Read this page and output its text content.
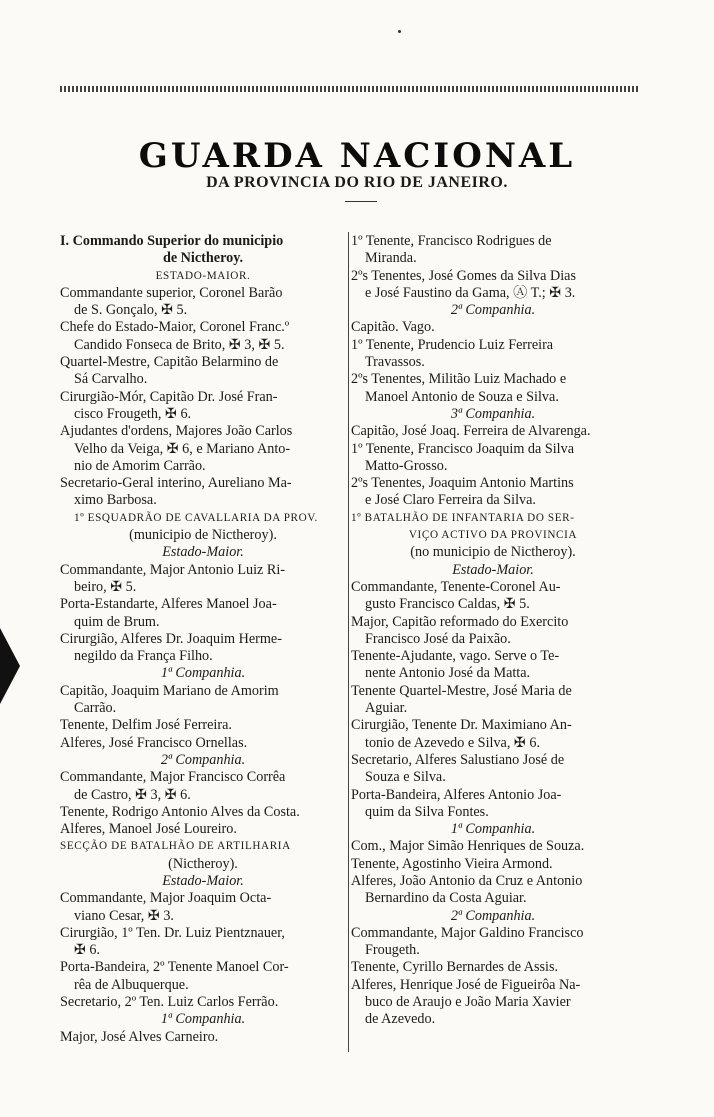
GUARDA NACIONAL
DA PROVINCIA DO RIO DE JANEIRO.
I. Commando Superior do municipio
de Nictheroy.
ESTADO-MAIOR.
Commandante superior, Coronel Barão
de S. Gonçalo, ✠ 5.
Chefe do Estado-Maior, Coronel Franc.º
Candido Fonseca de Brito, ✠ 3, ✠ 5.
Quartel-Mestre, Capitão Belarmino de
Sá Carvalho.
Cirurgião-Mór, Capitão Dr. José Fran-
cisco Frougeth, ✠ 6.
Ajudantes d'ordens, Majores João Carlos
Velho da Veiga, ✠ 6, e Mariano Anto-
nio de Amorim Carrão.
Secretario-Geral interino, Aureliano Ma-
ximo Barbosa.
1º ESQUADRÃO DE CAVALLARIA DA PROV.
(municipio de Nictheroy).
Estado-Maior.
Commandante, Major Antonio Luiz Ri-
beiro, ✠ 5.
Porta-Estandarte, Alferes Manoel Joa-
quim de Brum.
Cirurgião, Alferes Dr. Joaquim Herme-
negildo da França Filho.
1ª Companhia.
Capitão, Joaquim Mariano de Amorim
Carrão.
Tenente, Delfim José Ferreira.
Alferes, José Francisco Ornellas.
2ª Companhia.
Commandante, Major Francisco Corrêa
de Castro, ✠ 3, ✠ 6.
Tenente, Rodrigo Antonio Alves da Costa.
Alferes, Manoel José Loureiro.
SECÇÃO DE BATALHÃO DE ARTILHARIA
(Nictheroy).
Estado-Maior.
Commandante, Major Joaquim Octa-
viano Cesar, ✠ 3.
Cirurgião, 1º Ten. Dr. Luiz Pientznauer,
✠ 6.
Porta-Bandeira, 2º Tenente Manoel Cor-
rêa de Albuquerque.
Secretario, 2º Ten. Luiz Carlos Ferrão.
1ª Companhia.
Major, José Alves Carneiro.
1º Tenente, Francisco Rodrigues de
Miranda.
2ºs Tenentes, José Gomes da Silva Dias
e José Faustino da Gama, Ⓐ T.; ✠ 3.
2ª Companhia.
Capitão. Vago.
1º Tenente, Prudencio Luiz Ferreira
Travassos.
2ºs Tenentes, Militão Luiz Machado e
Manoel Antonio de Souza e Silva.
3ª Companhia.
Capitão, José Joaq. Ferreira de Alvarenga.
1º Tenente, Francisco Joaquim da Silva
Matto-Grosso.
2ºs Tenentes, Joaquim Antonio Martins
e José Claro Ferreira da Silva.
1º BATALHÃO DE INFANTARIA DO SER-
VIÇO ACTIVO DA PROVINCIA
(no municipio de Nictheroy).
Estado-Maior.
Commandante, Tenente-Coronel Au-
gusto Francisco Caldas, ✠ 5.
Major, Capitão reformado do Exercito
Francisco José da Paixão.
Tenente-Ajudante, vago. Serve o Te-
nente Antonio José da Matta.
Tenente Quartel-Mestre, José Maria de
Aguiar.
Cirurgião, Tenente Dr. Maximiano An-
tonio de Azevedo e Silva, ✠ 6.
Secretario, Alferes Salustiano José de
Souza e Silva.
Porta-Bandeira, Alferes Antonio Joa-
quim da Silva Fontes.
1ª Companhia.
Com., Major Simão Henriques de Souza.
Tenente, Agostinho Vieira Armond.
Alferes, João Antonio da Cruz e Antonio
Bernardino da Costa Aguiar.
2ª Companhia.
Commandante, Major Galdino Francisco
Frougeth.
Tenente, Cyrillo Bernardes de Assis.
Alferes, Henrique José de Figueirôa Na-
buco de Araujo e João Maria Xavier
de Azevedo.
